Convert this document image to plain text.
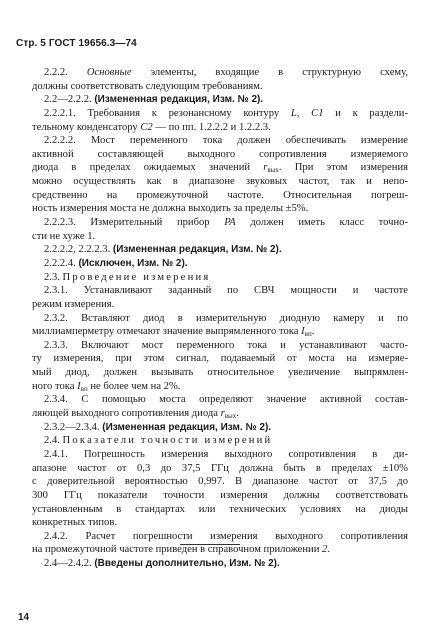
Стр. 5 ГОСТ 19656.3—74
2.2.2. Основные элементы, входящие в структурную схему,
должны соответствовать следующим требованиям.
2.2—2.2.2. (Измененная редакция, Изм. № 2).
2.2.2.1. Требования к резонансному контуру L, C1 и к раздели-
тельному конденсатору C2 — по пп. 1.2.2.2 и 1.2.2.3.
2.2.2.2. Мост переменного тока должен обеспечивать измерение
активной составляющей выходного сопротивления измеряемого
диода в пределах ожидаемых значений $r_{вых}$. При этом измерения
можно осуществлять как в диапазоне звуковых частот, так и непо-
средственно на промежуточной частоте. Относительная погреш-
ность измерения моста не должна выходить за пределы ±5%.
2.2.2.3. Измерительный прибор PA должен иметь класс точно-
сти не хуже 1.
2.2.2.2, 2.2.2.3. (Измененная редакция, Изм. № 2).
2.2.2.4. (Исключен, Изм. № 2).
2.3. Проведение измерения
2.3.1. Устанавливают заданный по СВЧ мощности и частоте
режим измерения.
2.3.2. Вставляют диод в измерительную диодную камеру и по
миллиамперметру отмечают значение выпрямленного тока $I_{вп}$.
2.3.3. Включают мост переменного тока и устанавливают часто-
ту измерения, при этом сигнал, подаваемый от моста на измеряе-
мый диод, должен вызывать относительное увеличение выпрямлен-
ного тока $I_{вп}$ не более чем на 2%.
2.3.4. С помощью моста определяют значение активной состав-
ляющей выходного сопротивления диода $r_{вых}$.
2.3.2—2.3.4. (Измененная редакция, Изм. № 2).
2.4. Показатели точности измерений
2.4.1. Погрешность измерения выходного сопротивления в ди-
апазоне частот от 0,3 до 37,5 ГГц должна быть в пределах ±10%
с доверительной вероятностью 0,997. В диапазоне частот от 37,5 до
300 ГГц показатели точности измерения должны соответствовать
установленным в стандартах или технических условиях на диоды
конкретных типов.
2.4.2. Расчет погрешности измерения выходного сопротивления
на промежуточной частоте приведен в справочном приложении 2.
2.4—2.4.2. (Введены дополнительно, Изм. № 2).
14
